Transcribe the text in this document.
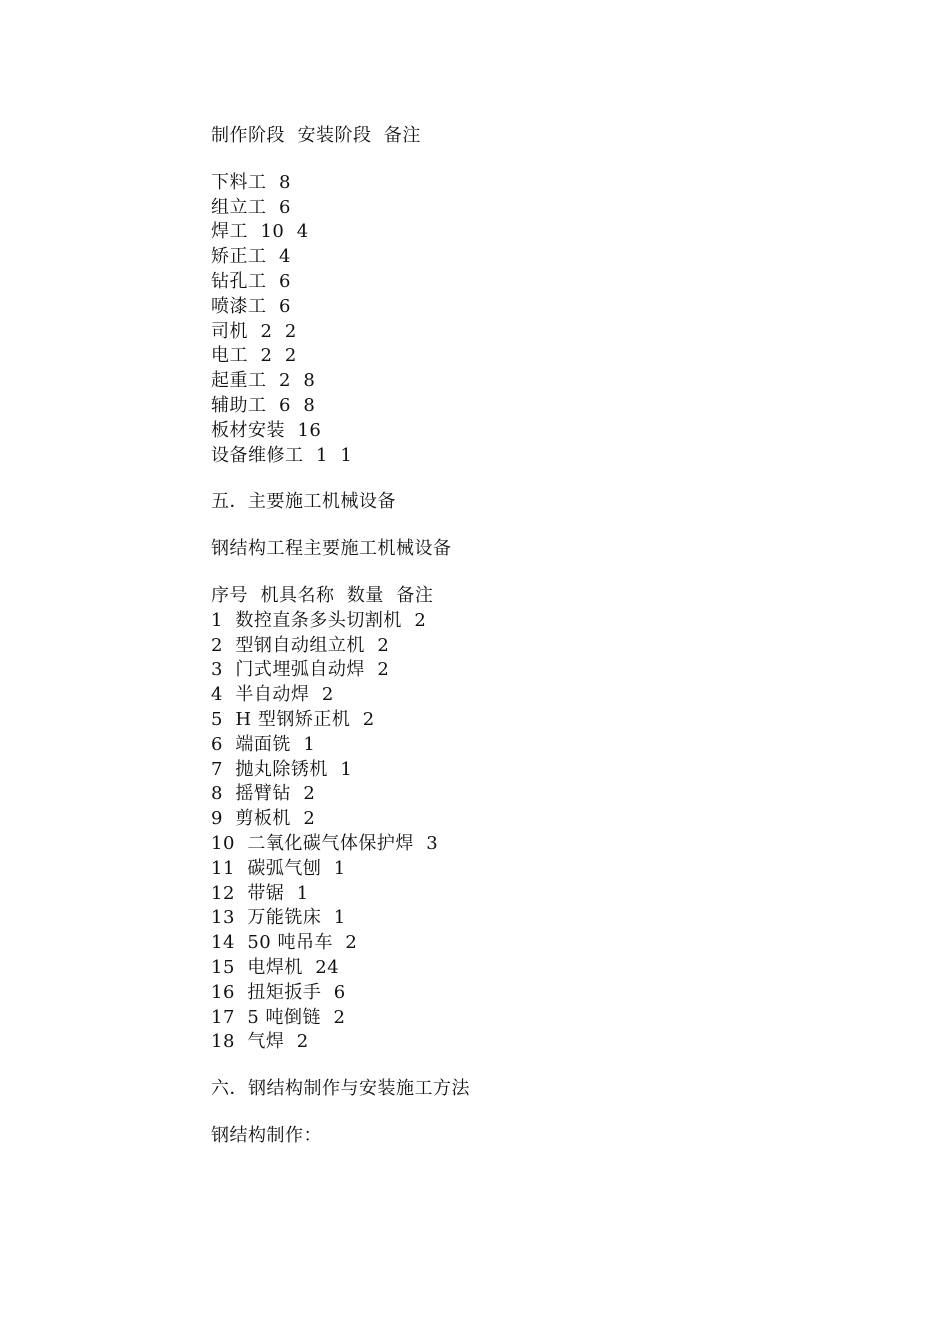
制作阶段  安装阶段  备注
下料工  8
组立工  6
焊工  10  4
矫正工  4
钻孔工  6
喷漆工  6
司机  2  2
电工  2  2
起重工  2  8
辅助工  6  8
板材安装  16
设备维修工  1  1
五．主要施工机械设备
钢结构工程主要施工机械设备
序号  机具名称  数量  备注
1  数控直条多头切割机  2
2  型钢自动组立机  2
3  门式埋弧自动焊  2
4  半自动焊  2
5  H 型钢矫正机  2
6  端面铣  1
7  抛丸除锈机  1
8  摇臂钻  2
9  剪板机  2
10  二氧化碳气体保护焊  3
11  碳弧气刨  1
12  带锯  1
13  万能铣床  1
14  50 吨吊车  2
15  电焊机  24
16  扭矩扳手  6
17  5 吨倒链  2
18  气焊  2
六．钢结构制作与安装施工方法
钢结构制作：
